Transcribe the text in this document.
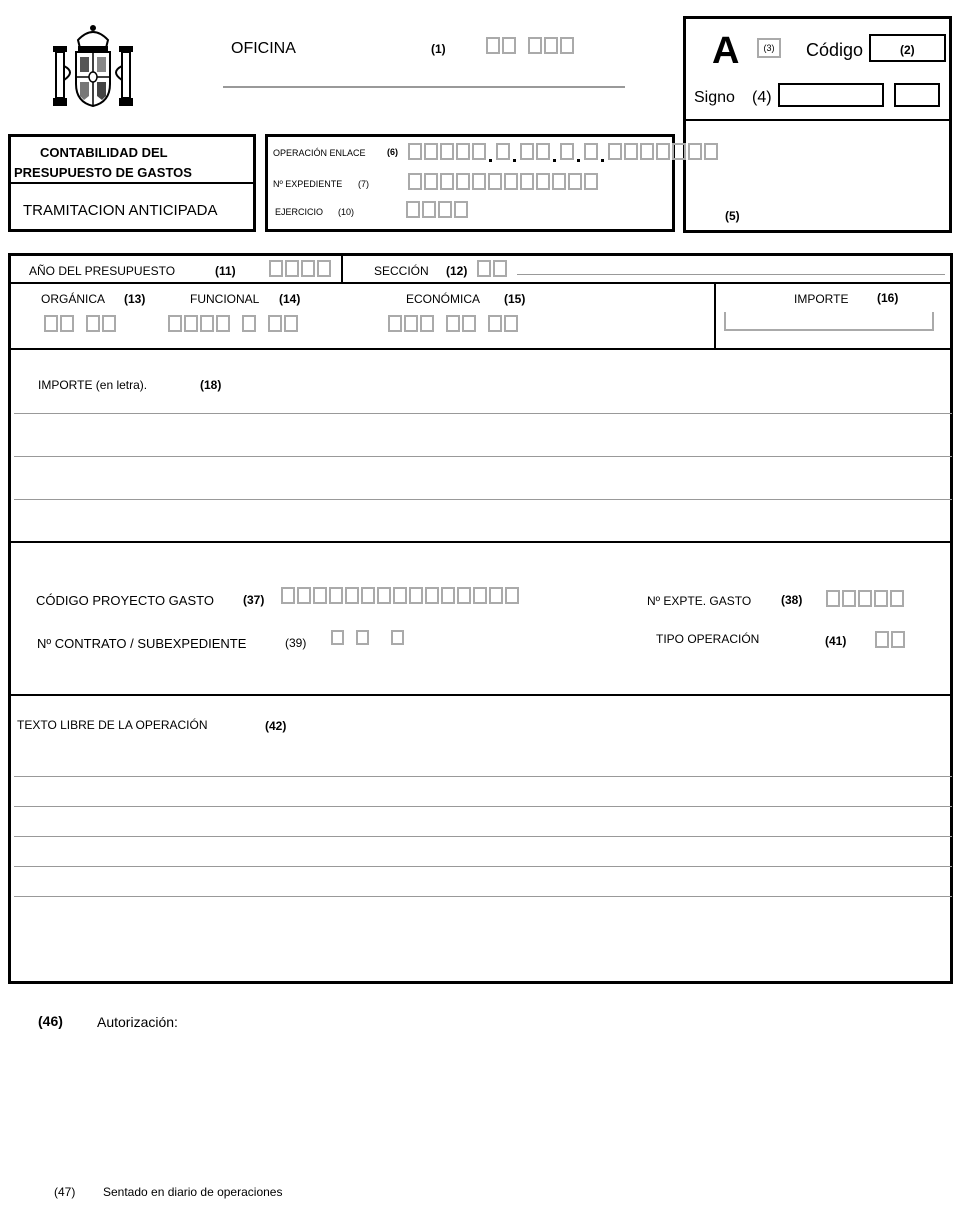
OFICINA	(1)	A	(3)	Código	(2)
Signo (4)
(5)
CONTABILIDAD DEL
PRESUPUESTO DE GASTOS
TRAMITACION ANTICIPADA
OPERACIÓN ENLACE (6)
Nº EXPEDIENTE (7)
EJERCICIO (10)
AÑO DEL PRESUPUESTO	(11)	SECCIÓN (12)
ORGÁNICA (13)	FUNCIONAL (14)	ECONÓMICA (15)	IMPORTE (16)
IMPORTE (en letra).	(18)
CÓDIGO PROYECTO GASTO (37)	Nº EXPTE. GASTO (38)
Nº CONTRATO / SUBEXPEDIENTE	(39)	TIPO OPERACIÓN	(41)
TEXTO LIBRE DE LA OPERACIÓN	(42)
(46) Autorización:
(47) Sentado en diario de operaciones
